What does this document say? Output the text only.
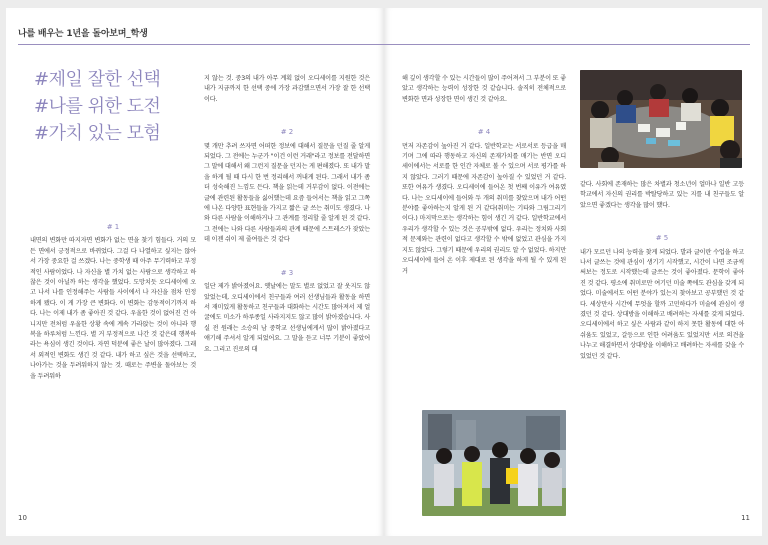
나를 배우는 1년을 돌아보며_학생
#제일 잘한 선택
#나를 위한 도전
#가치 있는 모험
# 1

내면의 변화만 따지자면 변화가 없는 면을 찾기 힘들다. 거의 모든 면에서 긍정적으로 바뀌었다. 그걸 다 나열하고 싶지는 않아서 가장 중요한 걸 쓰겠다. 나는 중학생 때 아주 무기력하고 부정적인 사람이었다. 나 자신을 별 가치 없는 사람으로 생각하고 하찮은 것이 아닐까 하는 생각을 했었다. 도망치듯 오디세이에 오고 나서 나를 인정해주는 사람들 사이에서 나 자신을 점차 인정하게 됐다. 이 게 가장 큰 변화다. 이 변화는 감동적이기까지 하다. 나는 이제 내가 좀 좋아진 것 같다. 우울한 것이 없어진 건 아니지만 전처럼 우울한 상황 속에 계속 가라앉는 것이 아니라 행복을 하루처럼 느낀다. 별 거 부정적으로 나간 것 같은데 행복하라는 욕심이 생긴 것이다. 자연 덕분에 좋은 날이 많아졌다. 그래서 외적인 변화도 생긴 것 같다. 내가 하고 싶은 것을 선택하고, 나아가는 것을 두려워하지 않는 것. 때로는 주변을 돌아보는 것을 두려워하

지 않는 것. 중3의 내가 아무 계획 없이 오디세이를 지원한 것은 내가 지금까지 한 선택 중에 가장 과감했으면서 가장 잘 한 선택이다.

# 2

몇 개만 추려 쓰자면 어떠한 정보에 대해서 질문을 던질 줄 알게 되었다. 그 전에는 누군가 "이건 이런 거래"라고 정보를 전달하면 그 말에 대해서 왜 그런지 질문을 던지는 게 편해졌다. 또 내가 말을 하게 될 때 다시 한 번 정리해서 꺼내게 된다. 그래서 내가 좀 더 성숙해진 느낌도 든다. 책을 읽는데 거부감이 없다. 이전에는 글에 관련된 활동들을 싫어했는데 요즘 들어서는 책을 읽고 그쪽에 나온 다양한 표현들을 가지고 짧은 글 쓰는 취미도 생겼다. 나와 다른 사람을 이해하거나 그 관계를 정리할 줄 알게 된 것 같다. 그 전에는 나와 다른 사람들과의 관계 때문에 스트레스가 잦았는데 이젠 쉬이 제 줄여들은 것 같다

# 3

일단 제가 밝아졌어요. 옛날에는 말도 별로 없었고 잘 웃지도 않았었는데, 오디세이에서 친구들과 여러 선생님들과 활동을 하면서 재미있게 활동하고 친구들과 대화하는 시간도 많아져서 제 얼굴에도 미소가 하루종일 사라지지도 않고 많이 밝아졌습니다. 사실 전 원래는 소승의 남 중학교 선생님에게서 많이 밝아졌다고 얘기해 주셔서 알게 되었어요. 그 말을 듣고 너무 기분이 좋았어요. 그리고 진로의 대

10

해 깊이 생각할 수 있는 시간들이 많이 주어져서 그 부분이 또 좋았고 생각하는 능력이 성장한 것 같습니다. 솔직히 전체적으로 변화한 면과 성장한 면이 생긴 것 같아요.

# 4

먼저 자존감이 높아진 거 같다. 일반학교는 서로서로 등급을 매기며 그에 따라 행동하고 자신의 존재가치를 매기는 반면 오디세이에서는 서로를 한 인간 자체로 볼 수 있으며 서로 평가를 하지 않았다. 그러기 때문에 자존감이 높아질 수 있었던 거 같다. 또한 여유가 생겼다. 오디세이에 들어온 첫 번째 이유가 여유였다. 나는 오디세이에 들어와 두 개의 취미를 찾았으며 내가 어떤 분야를 좋아하는지 알게 된 거 같다(취미는 기타와 그림그리기이다.) 마지막으로는 생각하는 힘이 생긴 거 같다. 일반학교에서 우리가 생각할 수 있는 것은 공부밖에 없다. 우리는 정치와 사회적 문제와는 관련이 없다고 생각할 수 밖에 없었고 관심을 가지지도 않았다. 그렇기 때문에 우리의 권리도 알 수 없었다. 하지만 오디세이에 들어 온 이후 제대로 된 생각을 하게 될 수 있게 된 거

같다. 사회에 존재하는 많은 차별과 청소년이 얼마나 일반 고등학교에서 자신의 권리를 박탈당하고 있는 지를 내 친구들도 알았으면 좋겠다는 생각을 많이 했다.

# 5

내가 모르던 나의 능력을 찾게 되었다. 발과 글이란 수업을 하고 나서 글쓰는 것에 관심이 생기기 시작했고, 시간이 나면 조금씩 써보는 정도로 시작했는데 글쓰는 것이 좋아졌다. 문학이 좋아진 것 같다. 평소에 취미로만 여기던 미술 쪽에도 관심을 갖게 되었다. 미술에서도 어떤 분야가 있는지 찾아보고 공부했던 것 같다. 세상만사 시간에 무엇을 할까 고민하다가 미술에 관심이 생겼던 것 같다. 상대방을 이해하고 배려하는 자세를 갖게 되었다. 오디세이에서 하고 싶은 사람과 같이 하지 못한 활동에 대한 아쉬움도 있었고, 갈등으로 인한 어려움도 있었지만 서로 의견을 나누고 해결하면서 상대방을 이해하고 배려하는 자세를 갖을 수 있었던 것 같다.

11
